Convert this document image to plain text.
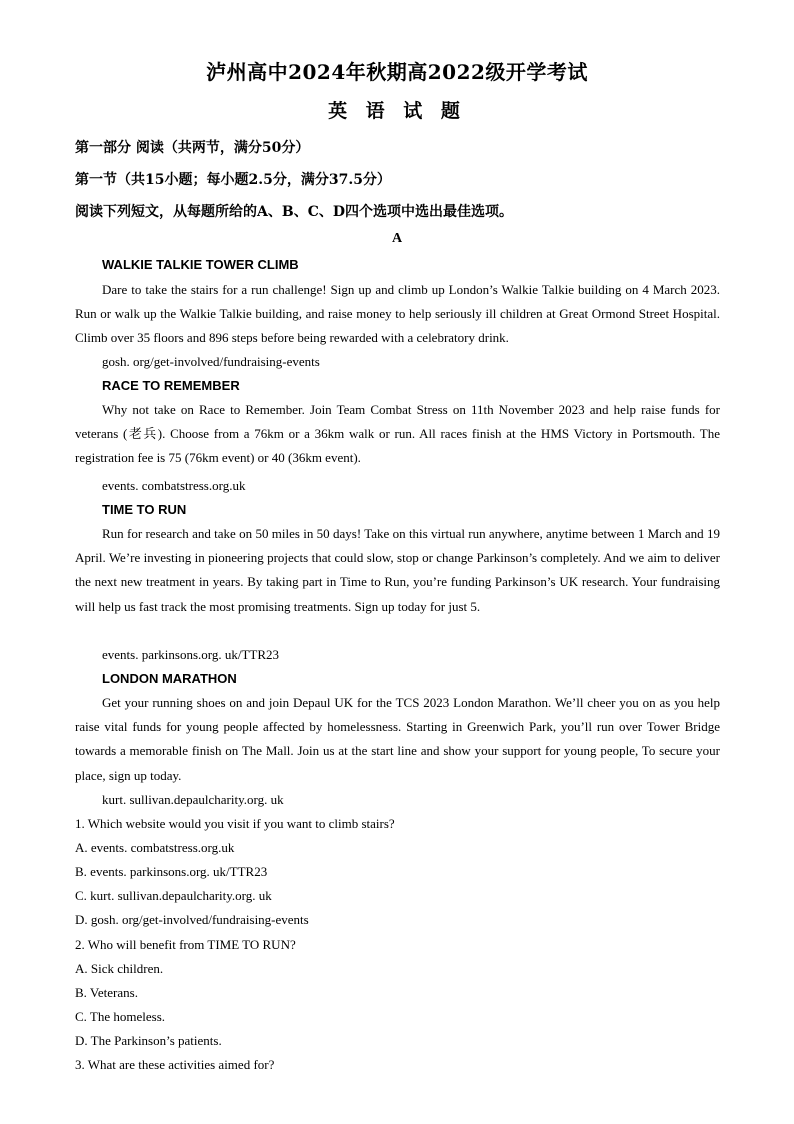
泸州高中2024年秋期高2022级开学考试
英 语 试 题
第一部分 阅读（共两节，满分50分）
第一节（共15小题；每小题2.5分，满分37.5分）
阅读下列短文，从每题所给的A、B、C、D四个选项中选出最佳选项。
A
WALKIE TALKIE TOWER CLIMB

Dare to take the stairs for a run challenge! Sign up and climb up London’s Walkie Talkie building on 4 March 2023. Run or walk up the Walkie Talkie building, and raise money to help seriously ill children at Great Ormond Street Hospital. Climb over 35 floors and 896 steps before being rewarded with a celebratory drink.

gosh. org/get-involved/fundraising-events
RACE TO REMEMBER

Why not take on Race to Remember. Join Team Combat Stress on 11th November 2023 and help raise funds for veterans (老兵). Choose from a 76km or a 36km walk or run. All races finish at the HMS Victory in Portsmouth. The registration fee is 75 (76km event) or 40 (36km event).

events. combatstress.org.uk
TIME TO RUN

Run for research and take on 50 miles in 50 days! Take on this virtual run anywhere, anytime between 1 March and 19 April. We’re investing in pioneering projects that could slow, stop or change Parkinson’s completely. And we aim to deliver the next new treatment in years. By taking part in Time to Run, you’re funding Parkinson’s UK research. Your fundraising will help us fast track the most promising treatments. Sign up today for just 5.

events. parkinsons.org. uk/TTR23
LONDON MARATHON

Get your running shoes on and join Depaul UK for the TCS 2023 London Marathon. We’ll cheer you on as you help raise vital funds for young people affected by homelessness. Starting in Greenwich Park, you’ll run over Tower Bridge towards a memorable finish on The Mall. Join us at the start line and show your support for young people, To secure your place, sign up today.

kurt. sullivan.depaulcharity.org. uk
1. Which website would you visit if you want to climb stairs?
A. events. combatstress.org.uk
B. events. parkinsons.org. uk/TTR23
C. kurt. sullivan.depaulcharity.org. uk
D. gosh. org/get-involved/fundraising-events
2. Who will benefit from TIME TO RUN?
A. Sick children.
B. Veterans.
C. The homeless.
D. The Parkinson’s patients.
3. What are these activities aimed for?
